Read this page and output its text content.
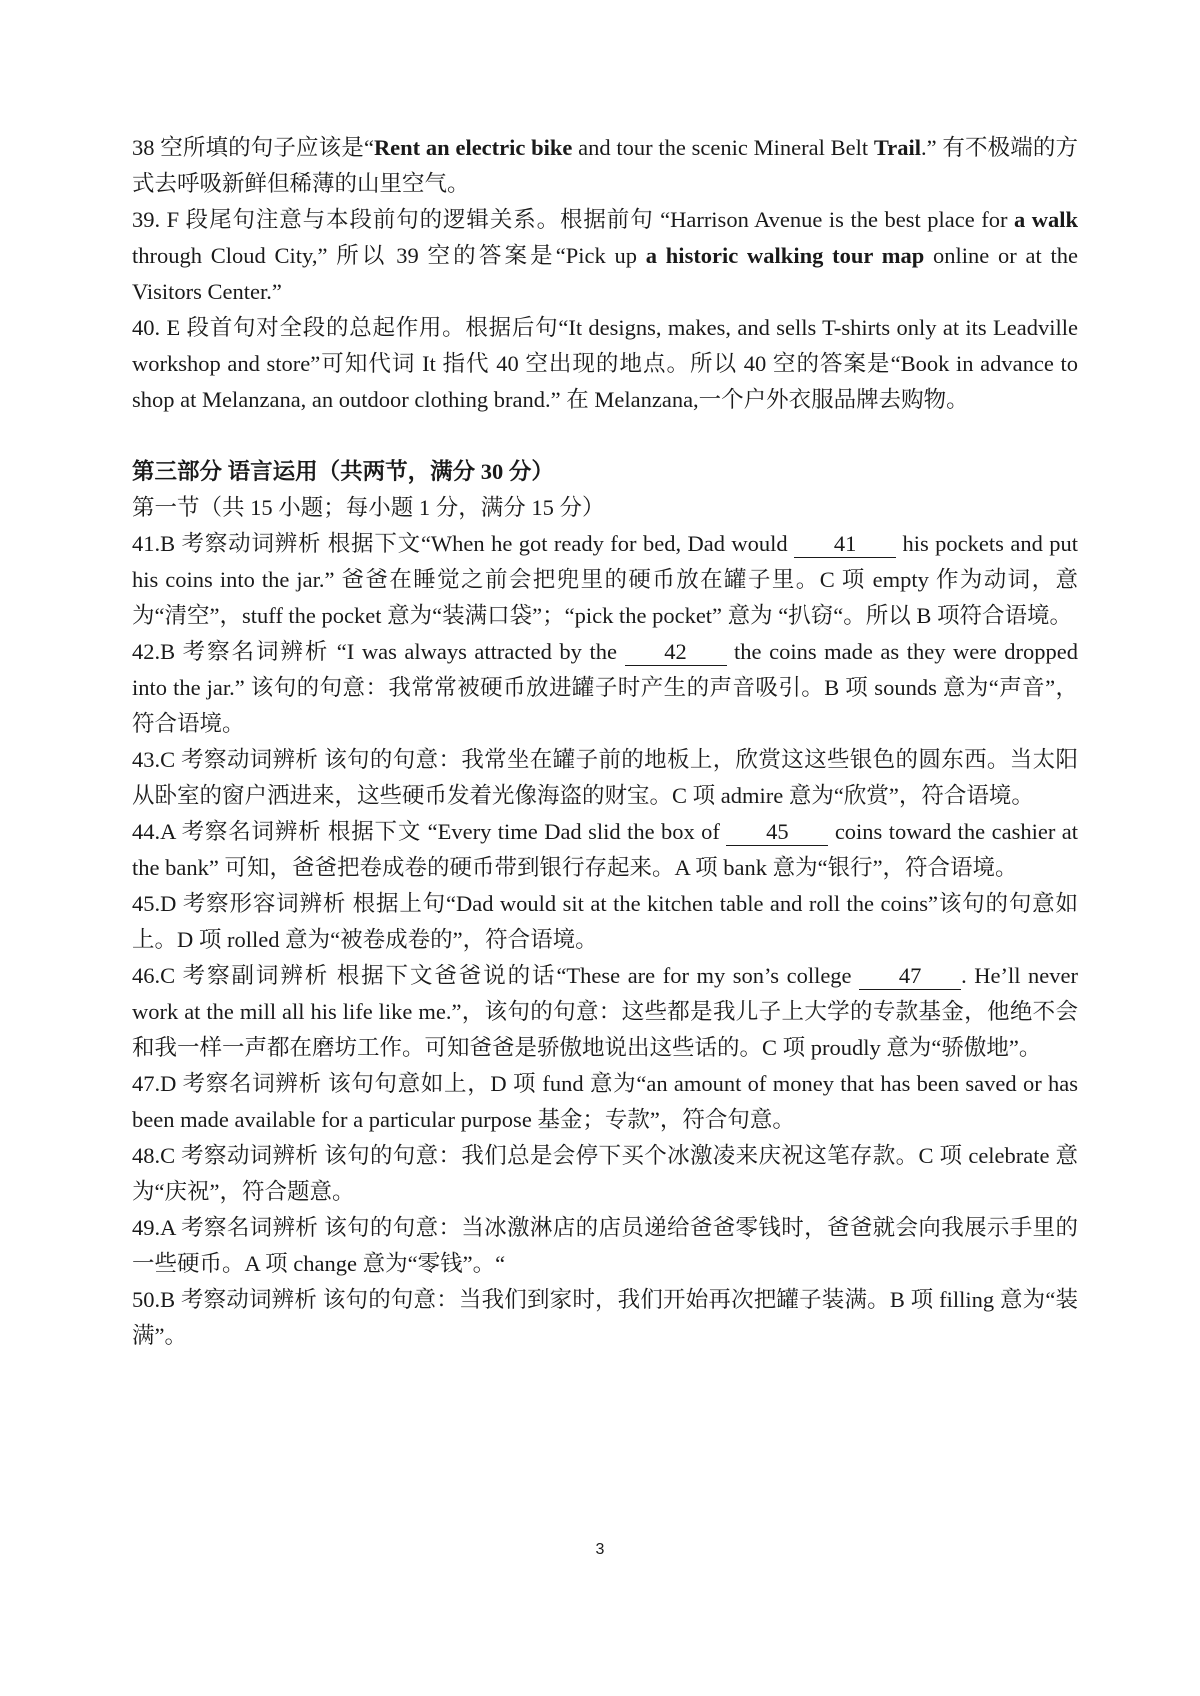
38 空所填的句子应该是“Rent an electric bike and tour the scenic Mineral Belt Trail.” 有不极端的方式去呼吸新鲜但稀薄的山里空气。

39. F 段尾句注意与本段前句的逻辑关系。根据前句 “Harrison Avenue is the best place for a walk through Cloud City,” 所以 39 空的答案是“Pick up a historic walking tour map online or at the Visitors Center.”

40. E 段首句对全段的总起作用。根据后句“It designs, makes, and sells T-shirts only at its Leadville workshop and store”可知代词 It 指代 40 空出现的地点。所以 40 空的答案是“Book in advance to shop at Melanzana, an outdoor clothing brand.” 在 Melanzana,一个户外衣服品牌去购物。

第三部分 语言运用（共两节，满分 30 分）

第一节（共 15 小题；每小题 1 分，满分 15 分）

41.B 考察动词辨析 根据下文“When he got ready for bed, Dad would 41 his pockets and put his coins into the jar.” 爸爸在睡觉之前会把兜里的硬币放在罐子里。C 项 empty 作为动词，意为“清空”，stuff the pocket 意为“装满口袋”；“pick the pocket” 意为 “扒窃“。所以 B 项符合语境。

42.B 考察名词辨析 “I was always attracted by the 42 the coins made as they were dropped into the jar.” 该句的句意：我常常被硬币放进罐子时产生的声音吸引。B 项 sounds 意为“声音”，符合语境。

43.C 考察动词辨析 该句的句意：我常坐在罐子前的地板上，欣赏这这些银色的圆东西。当太阳从卧室的窗户洒进来，这些硬币发着光像海盗的财宝。C 项 admire 意为“欣赏”，符合语境。

44.A 考察名词辨析 根据下文 “Every time Dad slid the box of 45 coins toward the cashier at the bank” 可知，爸爸把卷成卷的硬币带到银行存起来。A 项 bank 意为“银行”，符合语境。

45.D 考察形容词辨析 根据上句“Dad would sit at the kitchen table and roll the coins”该句的句意如上。D 项 rolled 意为“被卷成卷的”，符合语境。

46.C 考察副词辨析 根据下文爸爸说的话“These are for my son’s college 47 . He’ll never work at the mill all his life like me.”，该句的句意：这些都是我儿子上大学的专款基金，他绝不会和我一样一声都在磨坊工作。可知爸爸是骄傲地说出这些话的。C 项 proudly 意为“骄傲地”。

47.D 考察名词辨析 该句句意如上，D 项 fund 意为“an amount of money that has been saved or has been made available for a particular purpose 基金；专款”，符合句意。

48.C 考察动词辨析 该句的句意：我们总是会停下买个冰激凌来庆祝这笔存款。C 项 celebrate 意为“庆祝”，符合题意。

49.A 考察名词辨析 该句的句意：当冰激淋店的店员递给爸爸零钱时，爸爸就会向我展示手里的一些硬币。A 项 change 意为“零钱”。“

50.B 考察动词辨析 该句的句意：当我们到家时，我们开始再次把罐子装满。B 项 filling 意为“装满”。

3
